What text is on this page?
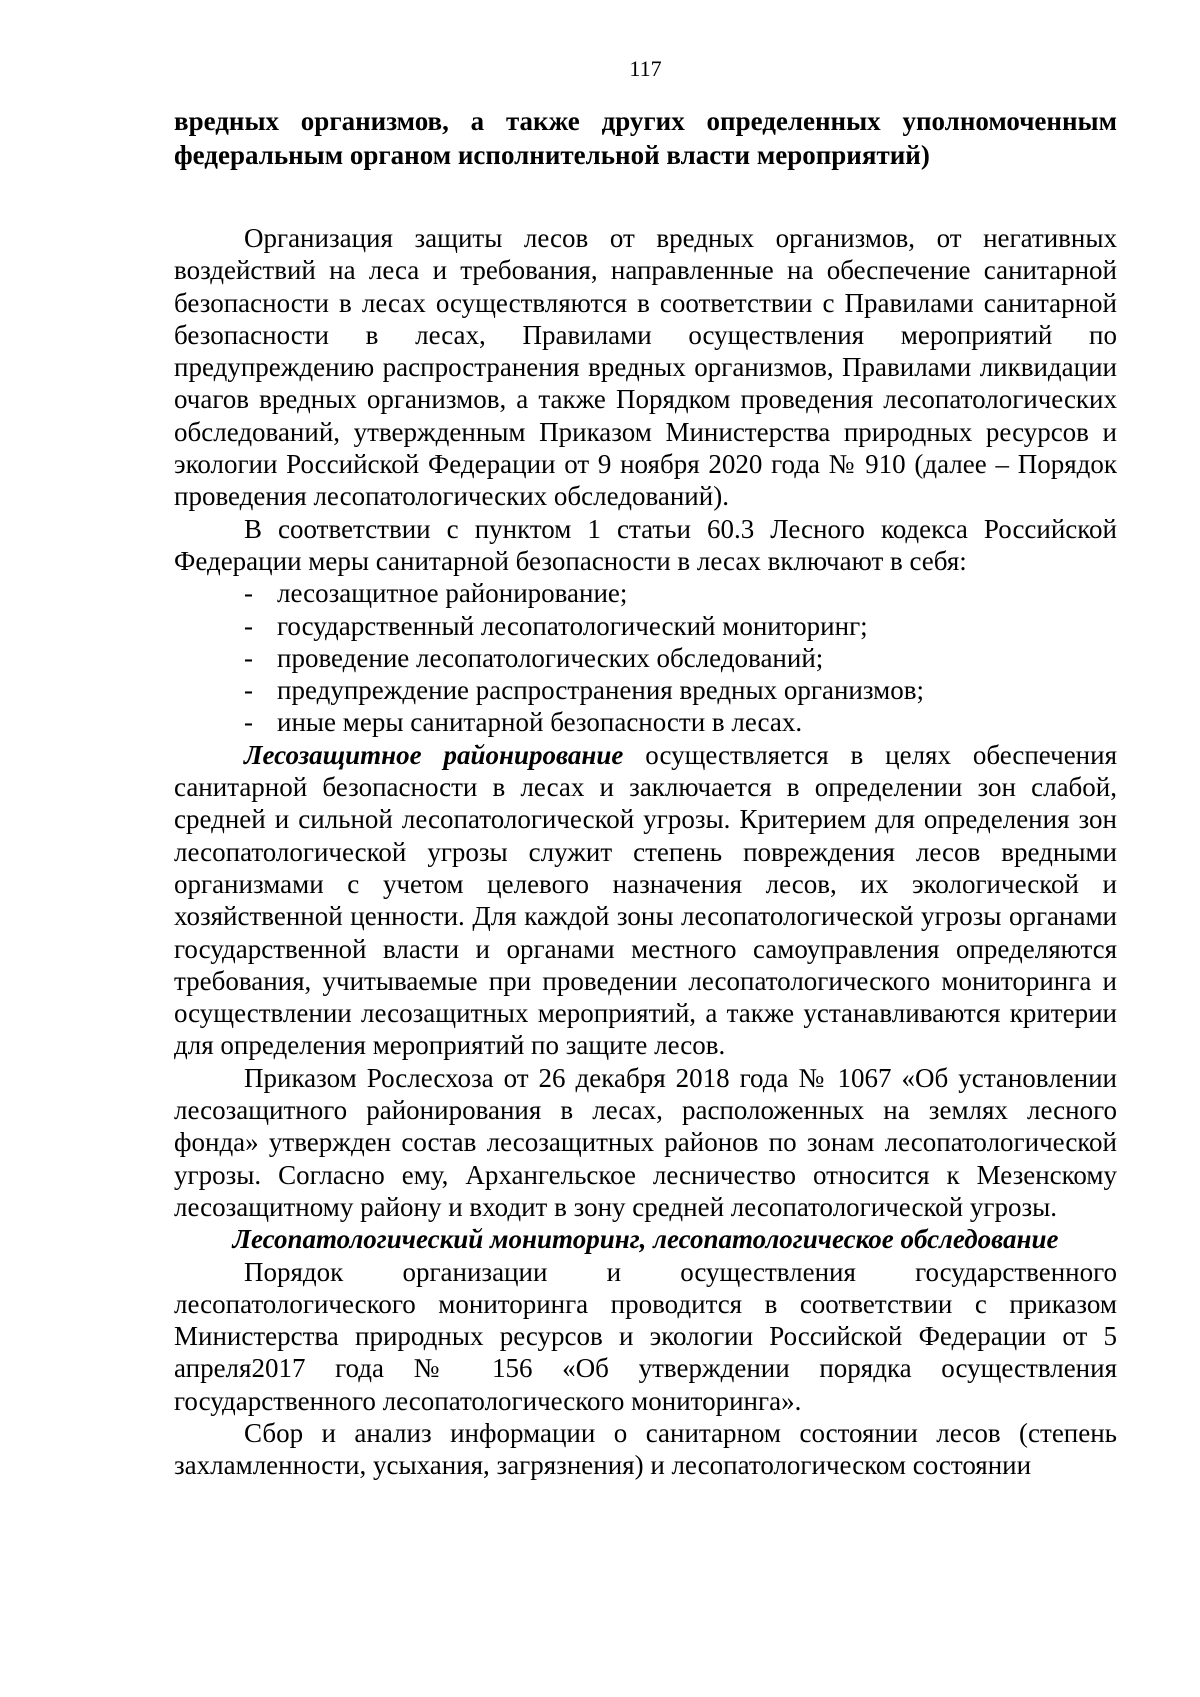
117
вредных организмов, а также других определенных уполномоченным федеральным органом исполнительной власти мероприятий)

Организация защиты лесов от вредных организмов, от негативных воздействий на леса и требования, направленные на обеспечение санитарной безопасности в лесах осуществляются в соответствии с Правилами санитарной безопасности в лесах, Правилами осуществления мероприятий по предупреждению распространения вредных организмов, Правилами ликвидации очагов вредных организмов, а также Порядком проведения лесопатологических обследований, утвержденным Приказом Министерства природных ресурсов и экологии Российской Федерации от 9 ноября 2020 года № 910 (далее – Порядок проведения лесопатологических обследований).

В соответствии с пунктом 1 статьи 60.3 Лесного кодекса Российской Федерации меры санитарной безопасности в лесах включают в себя:

- лесозащитное районирование;
- государственный лесопатологический мониторинг;
- проведение лесопатологических обследований;
- предупреждение распространения вредных организмов;
- иные меры санитарной безопасности в лесах.

Лесозащитное районирование осуществляется в целях обеспечения санитарной безопасности в лесах и заключается в определении зон слабой, средней и сильной лесопатологической угрозы. Критерием для определения зон лесопатологической угрозы служит степень повреждения лесов вредными организмами с учетом целевого назначения лесов, их экологической и хозяйственной ценности. Для каждой зоны лесопатологической угрозы органами государственной власти и органами местного самоуправления определяются требования, учитываемые при проведении лесопатологического мониторинга и осуществлении лесозащитных мероприятий, а также устанавливаются критерии для определения мероприятий по защите лесов.

Приказом Рослесхоза от 26 декабря 2018 года № 1067 «Об установлении лесозащитного районирования в лесах, расположенных на землях лесного фонда» утвержден состав лесозащитных районов по зонам лесопатологической угрозы. Согласно ему, Архангельское лесничество относится к Мезенскому лесозащитному району и входит в зону средней лесопатологической угрозы.

Лесопатологический мониторинг, лесопатологическое обследование

Порядок организации и осуществления государственного лесопатологического мониторинга проводится в соответствии с приказом Министерства природных ресурсов и экологии Российской Федерации от 5 апреля2017 года № 156 «Об утверждении порядка осуществления государственного лесопатологического мониторинга».

Сбор и анализ информации о санитарном состоянии лесов (степень захламленности, усыхания, загрязнения) и лесопатологическом состоянии
